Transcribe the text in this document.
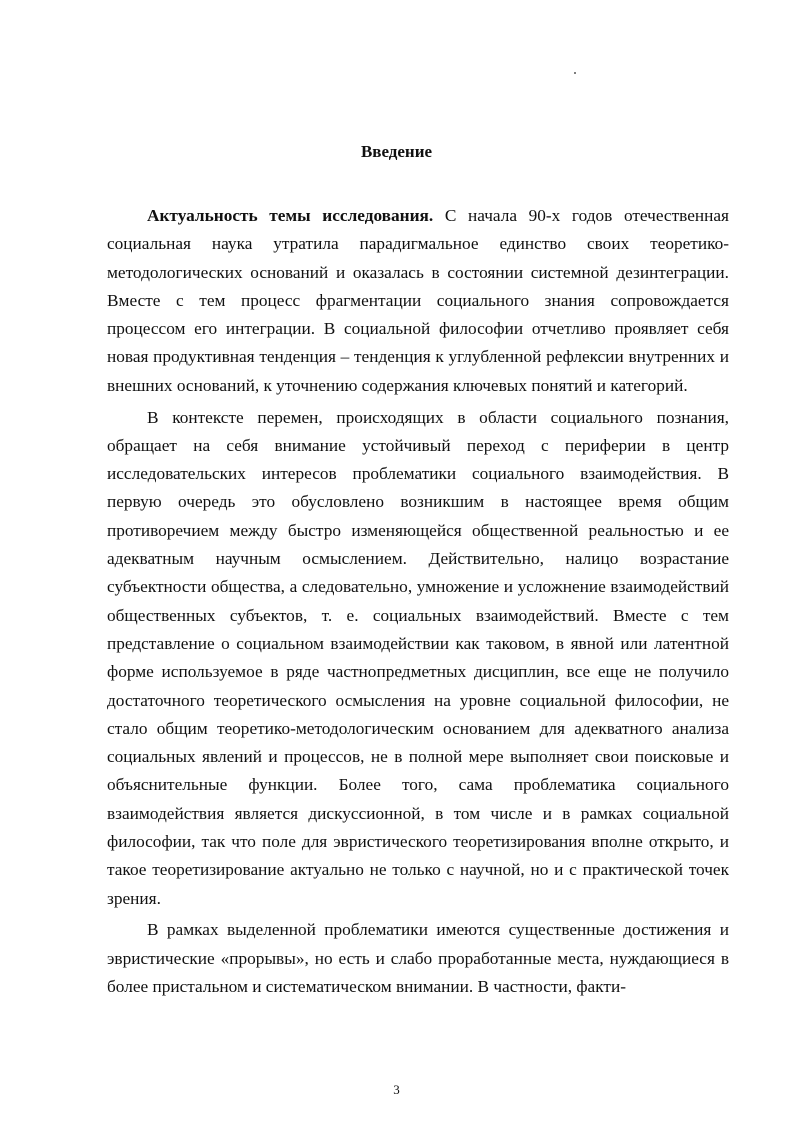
Введение

Актуальность темы исследования. С начала 90-х годов отечественная социальная наука утратила парадигмальное единство своих теоретико-методологических оснований и оказалась в состоянии системной дезинтеграции. Вместе с тем процесс фрагментации социального знания сопровождается процессом его интеграции. В социальной философии отчетливо проявляет себя новая продуктивная тенденция – тенденция к углубленной рефлексии внутренних и внешних оснований, к уточнению содержания ключевых понятий и категорий.

В контексте перемен, происходящих в области социального познания, обращает на себя внимание устойчивый переход с периферии в центр исследовательских интересов проблематики социального взаимодействия. В первую очередь это обусловлено возникшим в настоящее время общим противоречием между быстро изменяющейся общественной реальностью и ее адекватным научным осмыслением. Действительно, налицо возрастание субъектности общества, а следовательно, умножение и усложнение взаимодействий общественных субъектов, т. е. социальных взаимодействий. Вместе с тем представление о социальном взаимодействии как таковом, в явной или латентной форме используемое в ряде частнопредметных дисциплин, все еще не получило достаточного теоретического осмысления на уровне социальной философии, не стало общим теоретико-методологическим основанием для адекватного анализа социальных явлений и процессов, не в полной мере выполняет свои поисковые и объяснительные функции. Более того, сама проблематика социального взаимодействия является дискуссионной, в том числе и в рамках социальной философии, так что поле для эвристического теоретизирования вполне открыто, и такое теоретизирование актуально не только с научной, но и с практической точек зрения.

В рамках выделенной проблематики имеются существенные достижения и эвристические «прорывы», но есть и слабо проработанные места, нуждающиеся в более пристальном и систематическом внимании. В частности, факти-

3
